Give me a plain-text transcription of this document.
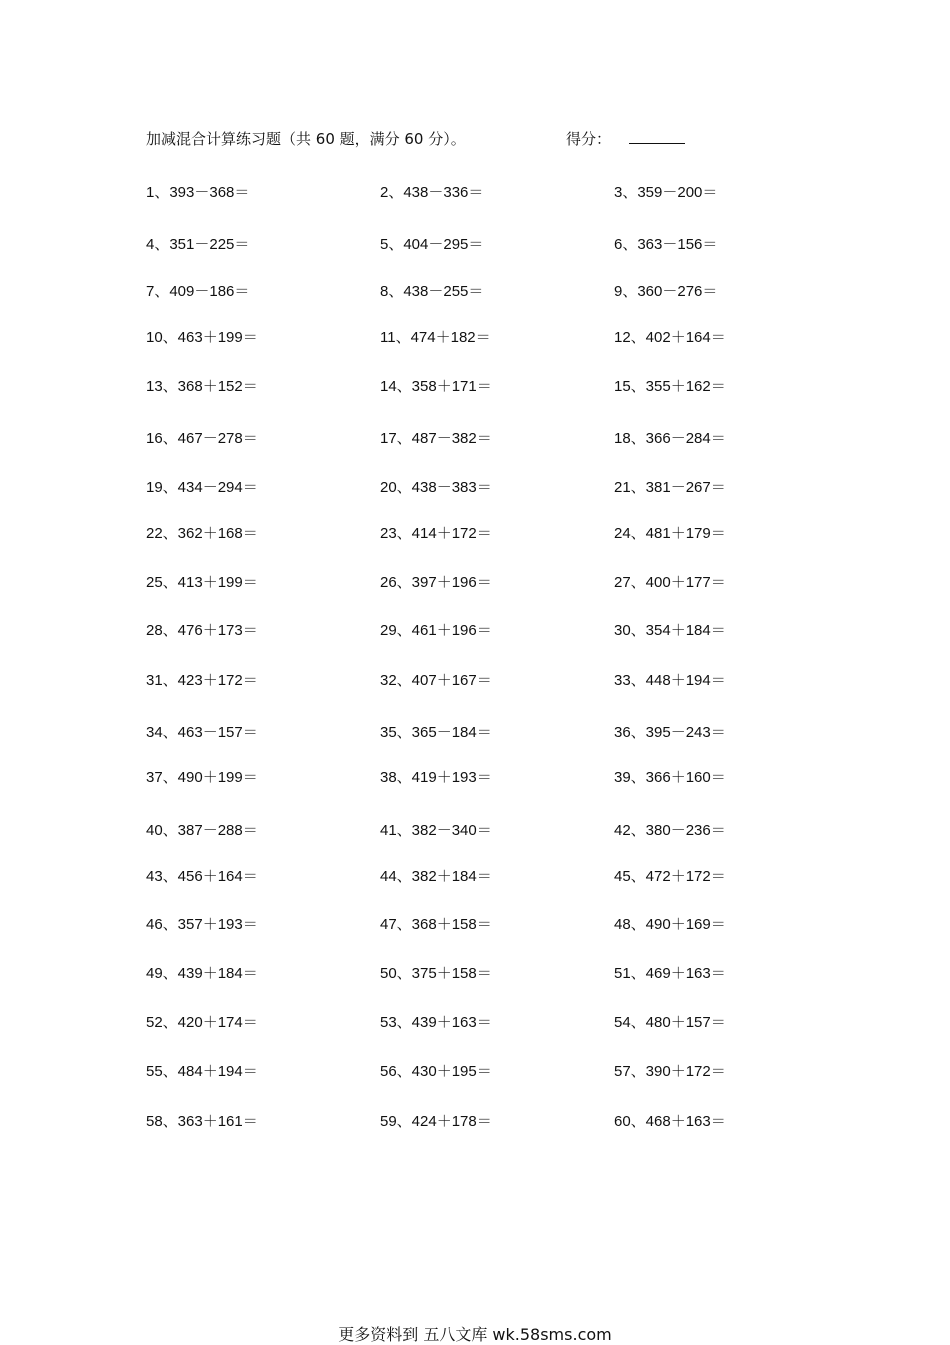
加减混合计算练习题（共 60 题，满分 60 分）。	得分：
1、393－368＝	2、438－336＝	3、359－200＝
4、351－225＝	5、404－295＝	6、363－156＝
7、409－186＝	8、438－255＝	9、360－276＝
10、463＋199＝	11、474＋182＝	12、402＋164＝
13、368＋152＝	14、358＋171＝	15、355＋162＝
16、467－278＝	17、487－382＝	18、366－284＝
19、434－294＝	20、438－383＝	21、381－267＝
22、362＋168＝	23、414＋172＝	24、481＋179＝
25、413＋199＝	26、397＋196＝	27、400＋177＝
28、476＋173＝	29、461＋196＝	30、354＋184＝
31、423＋172＝	32、407＋167＝	33、448＋194＝
34、463－157＝	35、365－184＝	36、395－243＝
37、490＋199＝	38、419＋193＝	39、366＋160＝
40、387－288＝	41、382－340＝	42、380－236＝
43、456＋164＝	44、382＋184＝	45、472＋172＝
46、357＋193＝	47、368＋158＝	48、490＋169＝
49、439＋184＝	50、375＋158＝	51、469＋163＝
52、420＋174＝	53、439＋163＝	54、480＋157＝
55、484＋194＝	56、430＋195＝	57、390＋172＝
58、363＋161＝	59、424＋178＝	60、468＋163＝
更多资料到 五八文库 wk.58sms.com
